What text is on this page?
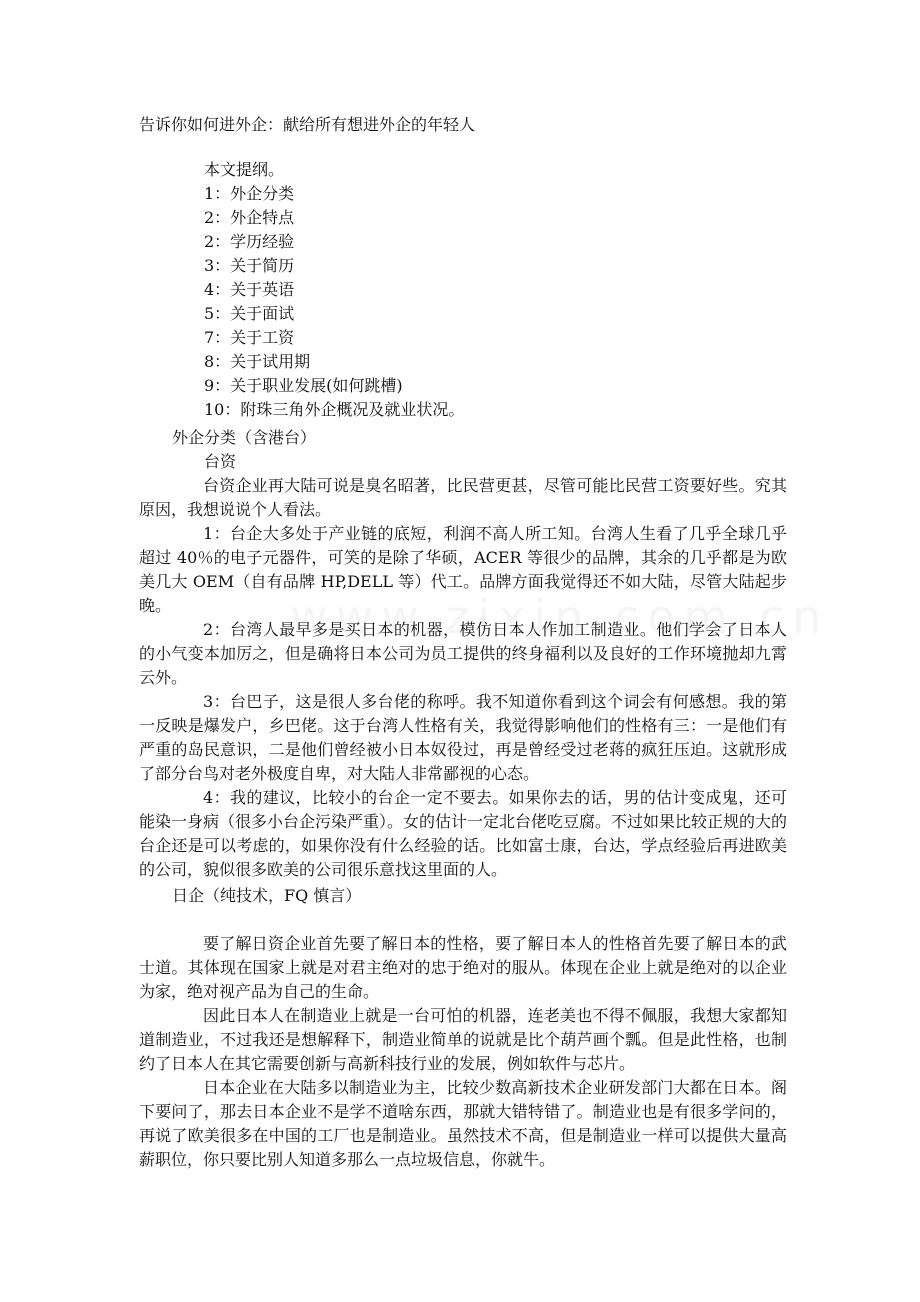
告诉你如何进外企：献给所有想进外企的年轻人
本文提纲。
1：外企分类
2：外企特点
2：学历经验
3：关于简历
4：关于英语
5：关于面试
7：关于工资
8：关于试用期
9：关于职业发展(如何跳槽)
10：附珠三角外企概况及就业状况。
外企分类（含港台）
台资

台资企业再大陆可说是臭名昭著，比民营更甚，尽管可能比民营工资要好些。究其原因，我想说说个人看法。

1：台企大多处于产业链的底短，利润不高人所工知。台湾人生看了几乎全球几乎超过 40％的电子元器件，可笑的是除了华硕，ACER 等很少的品牌，其余的几乎都是为欧美几大 OEM（自有品牌 HP,DELL 等）代工。品牌方面我觉得还不如大陆，尽管大陆起步晚。

2：台湾人最早多是买日本的机器，模仿日本人作加工制造业。他们学会了日本人的小气变本加厉之，但是确将日本公司为员工提供的终身福利以及良好的工作环境抛却九霄云外。

3：台巴子，这是很人多台佬的称呼。我不知道你看到这个词会有何感想。我的第一反映是爆发户，乡巴佬。这于台湾人性格有关，我觉得影响他们的性格有三：一是他们有严重的岛民意识，二是他们曾经被小日本奴役过，再是曾经受过老蒋的疯狂压迫。这就形成了部分台鸟对老外极度自卑，对大陆人非常鄙视的心态。

4：我的建议，比较小的台企一定不要去。如果你去的话，男的估计变成鬼，还可能染一身病（很多小台企污染严重）。女的估计一定北台佬吃豆腐。不过如果比较正规的大的台企还是可以考虑的，如果你没有什么经验的话。比如富士康，台达，学点经验后再进欧美的公司，貌似很多欧美的公司很乐意找这里面的人。

日企（纯技术，FQ 慎言）

要了解日资企业首先要了解日本的性格，要了解日本人的性格首先要了解日本的武士道。其体现在国家上就是对君主绝对的忠于绝对的服从。体现在企业上就是绝对的以企业为家，绝对视产品为自己的生命。

因此日本人在制造业上就是一台可怕的机器，连老美也不得不佩服，我想大家都知道制造业，不过我还是想解释下，制造业简单的说就是比个葫芦画个瓢。但是此性格，也制约了日本人在其它需要创新与高新科技行业的发展，例如软件与芯片。

日本企业在大陆多以制造业为主，比较少数高新技术企业研发部门大都在日本。阁下要问了，那去日本企业不是学不道啥东西，那就大错特错了。制造业也是有很多学问的，再说了欧美很多在中国的工厂也是制造业。虽然技术不高，但是制造业一样可以提供大量高薪职位，你只要比别人知道多那么一点垃圾信息，你就牛。
